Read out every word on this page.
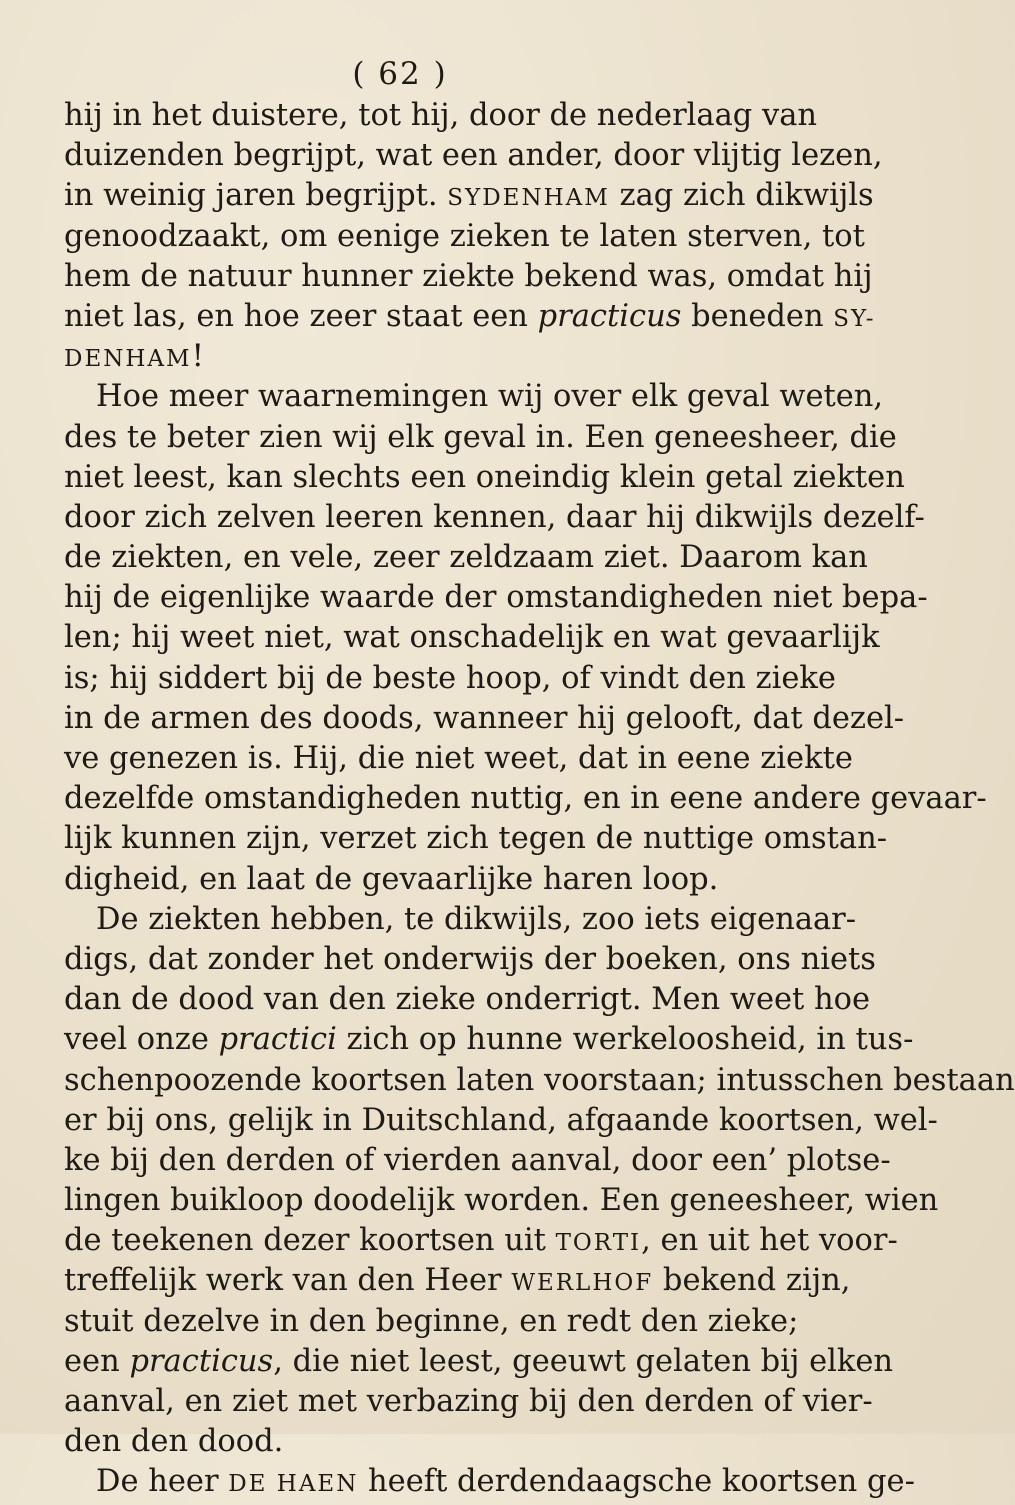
( 62 )
hij in het duistere, tot hij, door de nederlaag van
duizenden begrijpt, wat een ander, door vlijtig lezen,
in weinig jaren begrijpt. SYDENHAM zag zich dikwijls
genoodzaakt, om eenige zieken te laten sterven, tot
hem de natuur hunner ziekte bekend was, omdat hij
niet las, en hoe zeer staat een practicus beneden SY-
DENHAM!
Hoe meer waarnemingen wij over elk geval weten,
des te beter zien wij elk geval in. Een geneesheer, die
niet leest, kan slechts een oneindig klein getal ziekten
door zich zelven leeren kennen, daar hij dikwijls dezelf-
de ziekten, en vele, zeer zeldzaam ziet. Daarom kan
hij de eigenlijke waarde der omstandigheden niet bepa-
len; hij weet niet, wat onschadelijk en wat gevaarlijk
is; hij siddert bij de beste hoop, of vindt den zieke
in de armen des doods, wanneer hij gelooft, dat dezel-
ve genezen is. Hij, die niet weet, dat in eene ziekte
dezelfde omstandigheden nuttig, en in eene andere gevaar-
lijk kunnen zijn, verzet zich tegen de nuttige omstan-
digheid, en laat de gevaarlijke haren loop.
De ziekten hebben, te dikwijls, zoo iets eigenaar-
digs, dat zonder het onderwijs der boeken, ons niets
dan de dood van den zieke onderrigt. Men weet hoe
veel onze practici zich op hunne werkeloosheid, in tus-
schenpoozende koortsen laten voorstaan; intusschen bestaan
er bij ons, gelijk in Duitschland, afgaande koortsen, wel-
ke bij den derden of vierden aanval, door een’ plotse-
lingen buikloop doodelijk worden. Een geneesheer, wien
de teekenen dezer koortsen uit TORTI, en uit het voor-
treffelijk werk van den Heer WERLHOF bekend zijn,
stuit dezelve in den beginne, en redt den zieke;
een practicus, die niet leest, geeuwt gelaten bij elken
aanval, en ziet met verbazing bij den derden of vier-
den den dood.
De heer DE HAEN heeft derdendaagsche koortsen ge-
